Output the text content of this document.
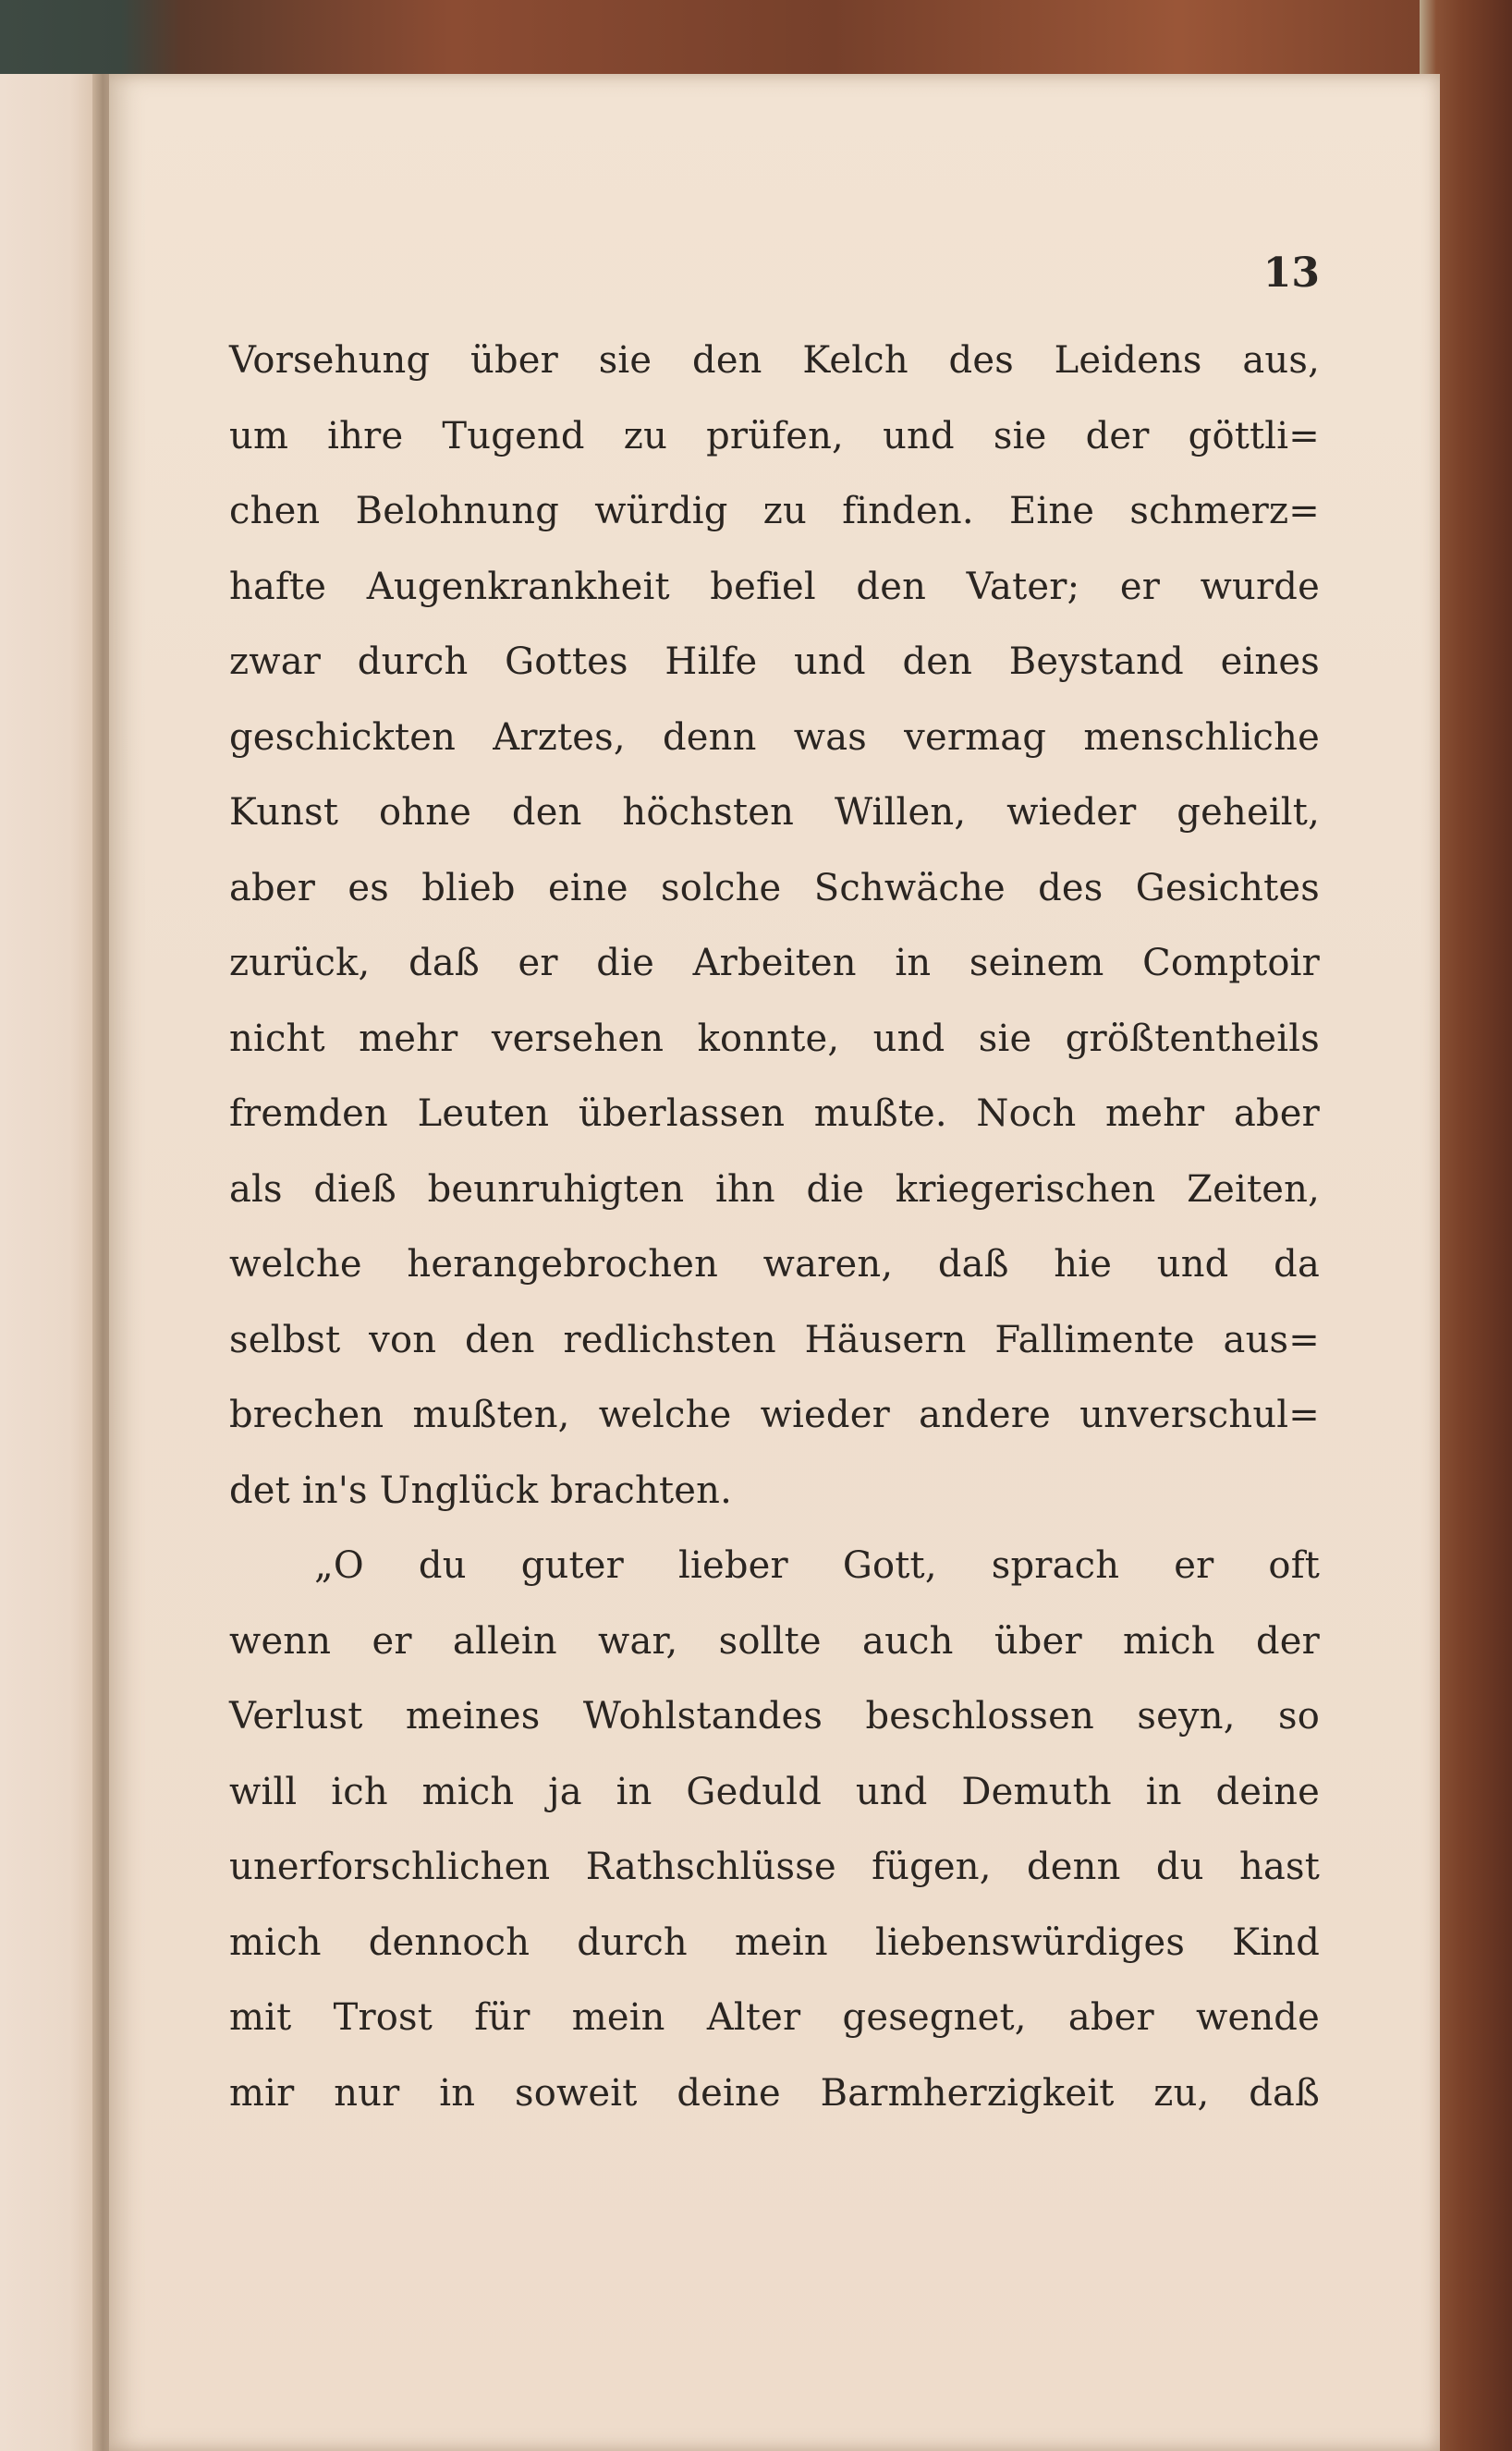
13
Vorsehung über sie den Kelch des Leidens aus,
um ihre Tugend zu prüfen, und sie der göttli=
chen Belohnung würdig zu finden. Eine schmerz=
hafte Augenkrankheit befiel den Vater; er wurde
zwar durch Gottes Hilfe und den Beystand eines
geschickten Arztes, denn was vermag menschliche
Kunst ohne den höchsten Willen, wieder geheilt,
aber es blieb eine solche Schwäche des Gesichtes
zurück, daß er die Arbeiten in seinem Comptoir
nicht mehr versehen konnte, und sie größtentheils
fremden Leuten überlassen mußte. Noch mehr aber
als dieß beunruhigten ihn die kriegerischen Zeiten,
welche herangebrochen waren, daß hie und da
selbst von den redlichsten Häusern Fallimente aus=
brechen mußten, welche wieder andere unverschul=
det in's Unglück brachten.
„O du guter lieber Gott, sprach er oft
wenn er allein war, sollte auch über mich der
Verlust meines Wohlstandes beschlossen seyn, so
will ich mich ja in Geduld und Demuth in deine
unerforschlichen Rathschlüsse fügen, denn du hast
mich dennoch durch mein liebenswürdiges Kind
mit Trost für mein Alter gesegnet, aber wende
mir nur in soweit deine Barmherzigkeit zu, daß
